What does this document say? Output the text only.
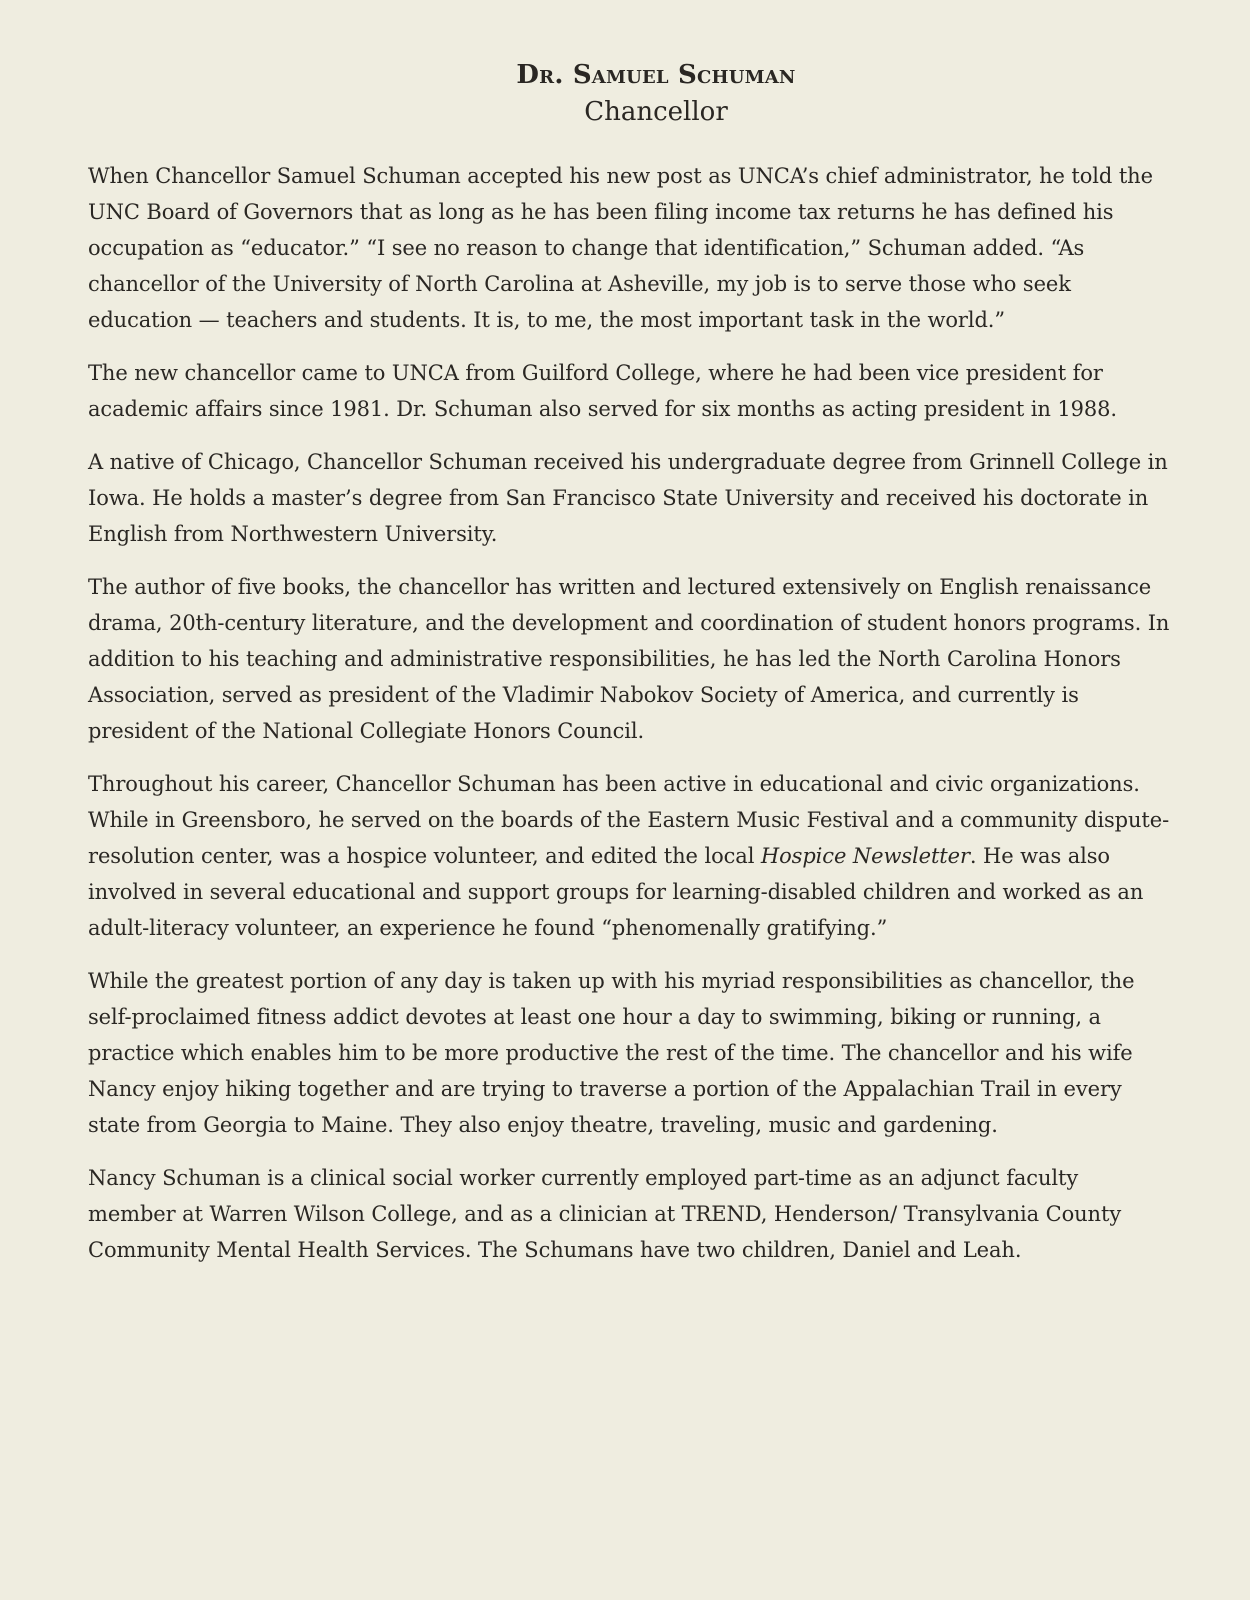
Dr. Samuel Schuman
Chancellor

When Chancellor Samuel Schuman accepted his new post as UNCA’s chief administrator, he told the UNC Board of Governors that as long as he has been filing income tax returns he has defined his occupation as “educator.” “I see no reason to change that identification,” Schuman added. “As chancellor of the University of North Carolina at Asheville, my job is to serve those who seek education — teachers and students. It is, to me, the most important task in the world.”

The new chancellor came to UNCA from Guilford College, where he had been vice president for academic affairs since 1981. Dr. Schuman also served for six months as acting president in 1988.

A native of Chicago, Chancellor Schuman received his undergraduate degree from Grinnell College in Iowa. He holds a master’s degree from San Francisco State University and received his doctorate in English from Northwestern University.

The author of five books, the chancellor has written and lectured extensively on English renaissance drama, 20th-century literature, and the development and coordination of student honors programs. In addition to his teaching and administrative responsibilities, he has led the North Carolina Honors Association, served as president of the Vladimir Nabokov Society of America, and currently is president of the National Collegiate Honors Council.

Throughout his career, Chancellor Schuman has been active in educational and civic organizations. While in Greensboro, he served on the boards of the Eastern Music Festival and a community dispute-resolution center, was a hospice volunteer, and edited the local Hospice Newsletter. He was also involved in several educational and support groups for learning-disabled children and worked as an adult-literacy volunteer, an experience he found “phenomenally gratifying.”

While the greatest portion of any day is taken up with his myriad responsibilities as chancellor, the self-proclaimed fitness addict devotes at least one hour a day to swimming, biking or running, a practice which enables him to be more productive the rest of the time. The chancellor and his wife Nancy enjoy hiking together and are trying to traverse a portion of the Appalachian Trail in every state from Georgia to Maine. They also enjoy theatre, traveling, music and gardening.

Nancy Schuman is a clinical social worker currently employed part-time as an adjunct faculty member at Warren Wilson College, and as a clinician at TREND, Henderson/ Transylvania County Community Mental Health Services. The Schumans have two children, Daniel and Leah.
